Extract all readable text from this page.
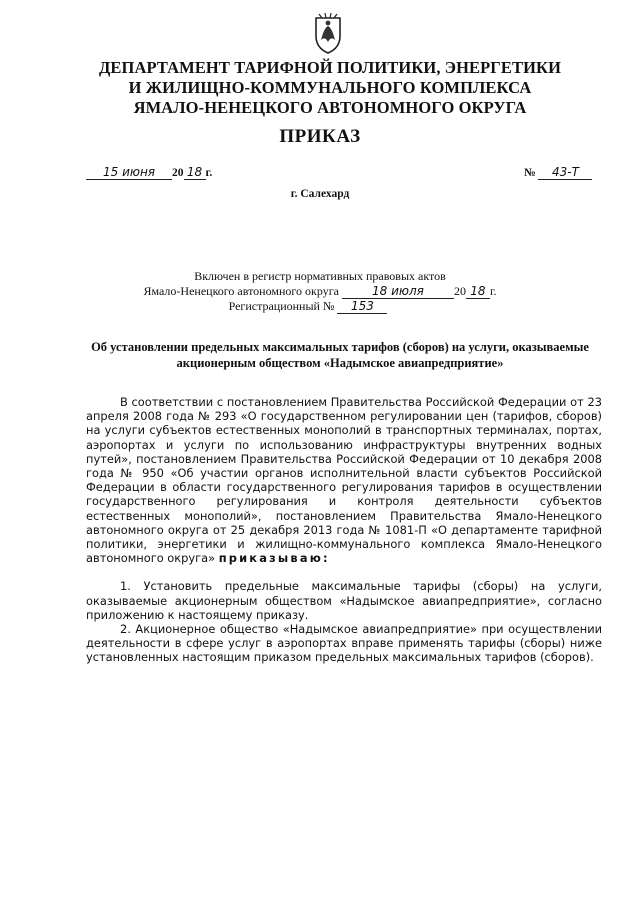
ДЕПАРТАМЕНТ ТАРИФНОЙ ПОЛИТИКИ, ЭНЕРГЕТИКИ
И ЖИЛИЩНО-КОММУНАЛЬНОГО КОМПЛЕКСА
ЯМАЛО-НЕНЕЦКОГО АВТОНОМНОГО ОКРУГА
ПРИКАЗ
15 июня 20 18 г.	№ 43-Т
г. Салехард
Включен в регистр нормативных правовых актов
Ямало-Ненецкого автономного округа	18 июля	20 18 г.
Регистрационный № 153
Об установлении предельных максимальных тарифов (сборов) на услуги, оказываемые акционерным обществом «Надымское авиапредприятие»

В соответствии с постановлением Правительства Российской Федерации от 23 апреля 2008 года № 293 «О государственном регулировании цен (тарифов, сборов) на услуги субъектов естественных монополий в транспортных терминалах, портах, аэропортах и услуги по использованию инфраструктуры внутренних водных путей», постановлением Правительства Российской Федерации от 10 декабря 2008 года № 950 «Об участии органов исполнительной власти субъектов Российской Федерации в области государственного регулирования тарифов в осуществлении государственного регулирования и контроля деятельности субъектов естественных монополий», постановлением Правительства Ямало-Ненецкого автономного округа от 25 декабря 2013 года № 1081-П «О департаменте тарифной политики, энергетики и жилищно-коммунального комплекса Ямало-Ненецкого автономного округа» приказываю:

1. Установить предельные максимальные тарифы (сборы) на услуги, оказываемые акционерным обществом «Надымское авиапредприятие», согласно приложению к настоящему приказу.

2. Акционерное общество «Надымское авиапредприятие» при осуществлении деятельности в сфере услуг в аэропортах вправе применять тарифы (сборы) ниже установленных настоящим приказом предельных максимальных тарифов (сборов).
